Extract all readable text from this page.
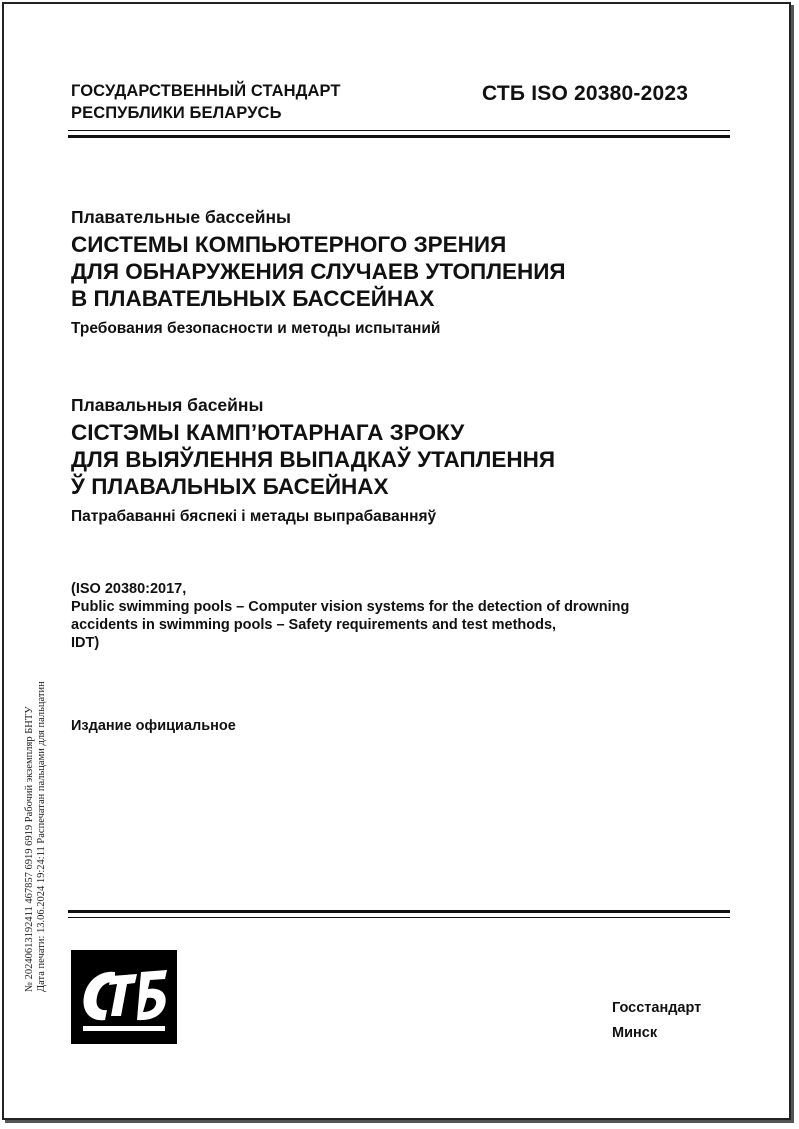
ГОСУДАРСТВЕННЫЙ СТАНДАРТ
РЕСПУБЛИКИ БЕЛАРУСЬ
СТБ ISO 20380-2023
Плавательные бассейны
СИСТЕМЫ КОМПЬЮТЕРНОГО ЗРЕНИЯ
ДЛЯ ОБНАРУЖЕНИЯ СЛУЧАЕВ УТОПЛЕНИЯ
В ПЛАВАТЕЛЬНЫХ БАССЕЙНАХ
Требования безопасности и методы испытаний
Плавальныя басейны
СІСТЭМЫ КАМП’ЮТАРНАГА ЗРОКУ
ДЛЯ ВЫЯЎЛЕННЯ ВЫПАДКАЎ УТАПЛЕННЯ
Ў ПЛАВАЛЬНЫХ БАСЕЙНАХ
Патрабаванні бяспекі і метады выпрабаванняў
(ISO 20380:2017,
Public swimming pools – Computer vision systems for the detection of drowning
accidents in swimming pools – Safety requirements and test methods,
IDT)
Издание официальное
№ 20240613192411 467857 6919 6919 Рабочий экземпляр БНТУ Дата печати: 13.06.2024 19:24:11 Распечатан пальцами для пальцатин
Госстандарт
Минск
